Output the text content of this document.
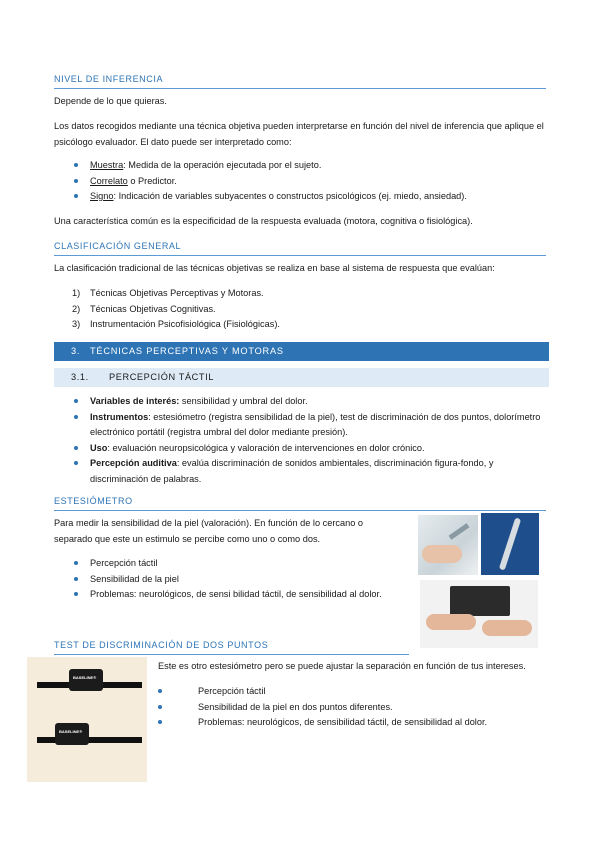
NIVEL DE INFERENCIA
Depende de lo que quieras.
Los datos recogidos mediante una técnica objetiva pueden interpretarse en función del nivel de inferencia que aplique el psicólogo evaluador. El dato puede ser interpretado como:
Muestra: Medida de la operación ejecutada por el sujeto.
Correlato o Predictor.
Signo: Indicación de variables subyacentes o constructos psicológicos (ej. miedo, ansiedad).
Una característica común es la especificidad de la respuesta evaluada (motora, cognitiva o fisiológica).
CLASIFICACIÓN GENERAL
La clasificación tradicional de las técnicas objetivas se realiza en base al sistema de respuesta que evalúan:
1) Técnicas Objetivas Perceptivas y Motoras.
2) Técnicas Objetivas Cognitivas.
3) Instrumentación Psicofisiológica (Fisiológicas).
3. TÉCNICAS PERCEPTIVAS Y MOTORAS
3.1. PERCEPCIÓN TÁCTIL
Variables de interés: sensibilidad y umbral del dolor.
Instrumentos: estesiómetro (registra sensibilidad de la piel), test de discriminación de dos puntos, dolorímetro electrónico portátil (registra umbral del dolor mediante presión).
Uso: evaluación neuropsicológica y valoración de intervenciones en dolor crónico.
Percepción auditiva: evalúa discriminación de sonidos ambientales, discriminación figura-fondo, y discriminación de palabras.
ESTESIÓMETRO
Para medir la sensibilidad de la piel (valoración). En función de lo cercano o separado que este un estimulo se percibe como uno o como dos.
Percepción táctil
Sensibilidad de la piel
Problemas: neurológicos, de sensi bilidad táctil, de sensibilidad al dolor.
TEST DE DISCRIMINACIÓN DE DOS PUNTOS
BASELINE®
BASELINE®
Este es otro estesiómetro pero se puede ajustar la separación en función de tus intereses.
Percepción táctil
Sensibilidad de la piel en dos puntos diferentes.
Problemas: neurológicos, de sensibilidad táctil, de sensibilidad al dolor.
